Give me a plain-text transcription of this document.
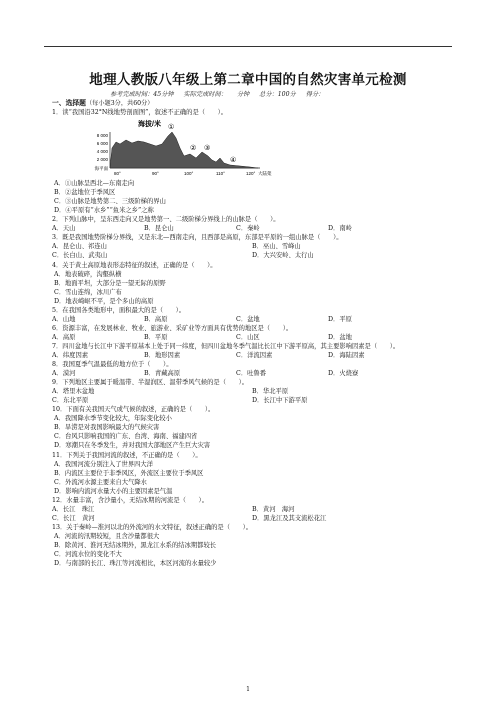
地理人教版八年级上第二章中国的自然灾害单元检测
参考完成时间：45分钟 实际完成时间： 分钟 总分：100分 得分：
一、选择题（每小题3分，共60分）
1．读“我国沿32°N线地势剖面图”，叙述不正确的是（　　）。
海拔/米
8 000
6 000
4 000
2 000
海平面
①
② ③
④
80°	90°	100°	110°	120° 大陆架
A．①山脉呈西北—东南走向
B．②盆地位于季风区
C．③山脉是地势第二、三级阶梯的界山
D．④平原有“水乡”“鱼米之乡”之称
2．下列山脉中，呈东西走向又是地势第一、二级阶梯分界线上的山脉是（　　）。
A．天山	B．昆仑山	C．秦岭	D．南岭
3．既是我国地势阶梯分界线，又是东北—西南走向，且西部是高原，东部是平原的一组山脉是（　　）。
A．昆仑山、祁连山	B．巫山、雪峰山
C．长白山、武夷山	D．大兴安岭、太行山
4．关于黄土高原地表形态特征的叙述，正确的是（　　）。
A．地表破碎，沟壑纵横
B．地面平坦，大部分是一望无际的原野
C．雪山连绵，冰川广布
D．地表崎岖不平，是个多山的高原
5．在我国各类地形中，面积最大的是（　　）。
A．山地	B．高原	C．盆地	D．平原
6．资源丰富，在发展林业、牧业、旅游业、采矿业等方面具有优势的地区是（　　）。
A．高原	B．平原	C．山区	D．盆地
7．四川盆地与长江中下游平原基本上处于同一纬度，但四川盆地冬季气温比长江中下游平原高，其主要影响因素是（　　）。
A．纬度因素	B．地形因素	C．洋流因素	D．海陆因素
8．我国夏季气温最低的地方位于（　　）。
A．漠河	B．青藏高原	C．吐鲁番	D．火烧寮
9．下列地区主要属于暖温带、半湿润区、温带季风气候的是（　　）。
A．塔里木盆地	B．华北平原
C．东北平原	D．长江中下游平原
10．下面有关我国天气或气候的叙述，正确的是（　　）。
A．我国降水季节变化较大，年际变化较小
B．旱涝是对我国影响最大的气候灾害
C．台风只影响我国的广东、台湾、海南、福建四省
D．寒潮只在冬季发生，并对我国大部地区产生巨大灾害
11．下列关于我国河流的叙述，不正确的是（　　）。
A．我国河流分别注入了世界四大洋
B．内流区主要位于非季风区，外流区主要位于季风区
C．外流河水源主要来自大气降水
D．影响内流河水量大小的主要因素是气温
12．水量丰富，含沙量小，无结冰期的河流是（　　）。
A．长江　珠江	B．黄河　海河
C．长江　黄河	D．黑龙江及其支流松花江
13．关于秦岭—淮河以北的外流河的水文特征，叙述正确的是（　　）。
A．河流的汛期较短，且含沙量都很大
B．除黄河、淮河无结冰期外，黑龙江水系的结冰期都较长
C．河流水位的变化不大
D．与南部的长江、珠江等河流相比，本区河流的水量较少
1
